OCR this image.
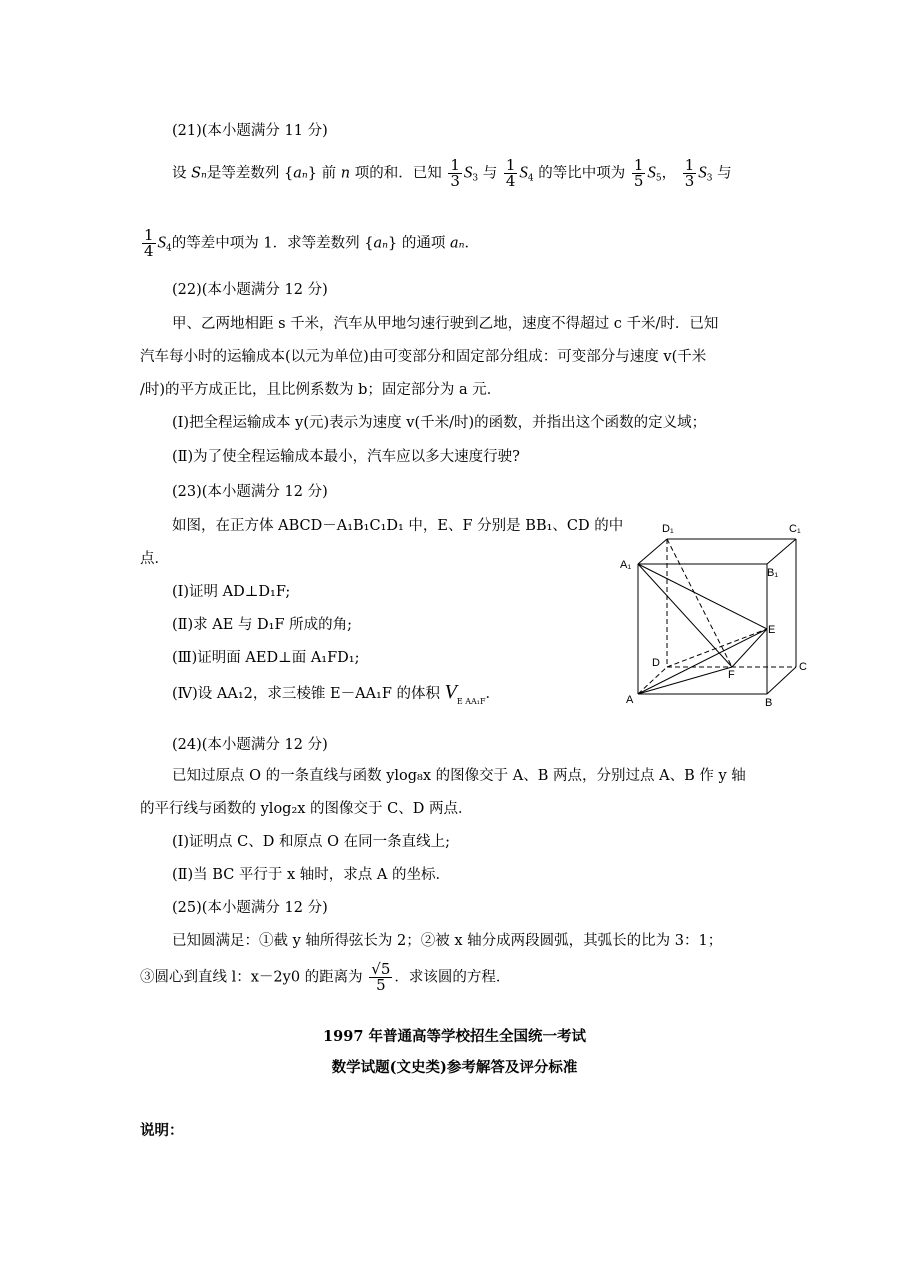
(21)(本小题满分 11 分)
设 Sₙ是等差数列 {aₙ} 前 n 项的和．已知 $\frac{1}{3} S_3$ 与 $\frac{1}{4} S_4$ 的等比中项为 $\frac{1}{5} S_5$， $\frac{1}{3} S_3$ 与
$\frac{1}{4} S_4$的等差中项为 1．求等差数列 {aₙ} 的通项 aₙ．
(22)(本小题满分 12 分)
甲、乙两地相距 s 千米，汽车从甲地匀速行驶到乙地，速度不得超过 c 千米/时．已知
汽车每小时的运输成本(以元为单位)由可变部分和固定部分组成：可变部分与速度 v(千米
/时)的平方成正比，且比例系数为 b；固定部分为 a 元．
(Ⅰ)把全程运输成本 y(元)表示为速度 v(千米/时)的函数，并指出这个函数的定义域；
(Ⅱ)为了使全程运输成本最小，汽车应以多大速度行驶?
(23)(本小题满分 12 分)
如图，在正方体 ABCD－A₁B₁C₁D₁ 中，E、F 分别是 BB₁、CD 的中
点．
(Ⅰ)证明 AD⊥D₁F;
(Ⅱ)求 AE 与 D₁F 所成的角;
(Ⅲ)证明面 AED⊥面 A₁FD₁;
(Ⅳ)设 AA₁2，求三棱锥 E－AA₁F 的体积 $V_{E AA_1F}$．
D₁	C₁
A₁
B₁
E
D	C
F
A	B
(24)(本小题满分 12 分)
已知过原点 O 的一条直线与函数 ylog₈x 的图像交于 A、B 两点，分别过点 A、B 作 y 轴
的平行线与函数的 ylog₂x 的图像交于 C、D 两点．
(Ⅰ)证明点 C、D 和原点 O 在同一条直线上;
(Ⅱ)当 BC 平行于 x 轴时，求点 A 的坐标．
(25)(本小题满分 12 分)
已知圆满足：①截 y 轴所得弦长为 2；②被 x 轴分成两段圆弧，其弧长的比为 3：1；
③圆心到直线 l：x－2y0 的距离为 $\frac{√5}{5}$ ．求该圆的方程．
1997 年普通高等学校招生全国统一考试
数学试题(文史类)参考解答及评分标准
说明：
